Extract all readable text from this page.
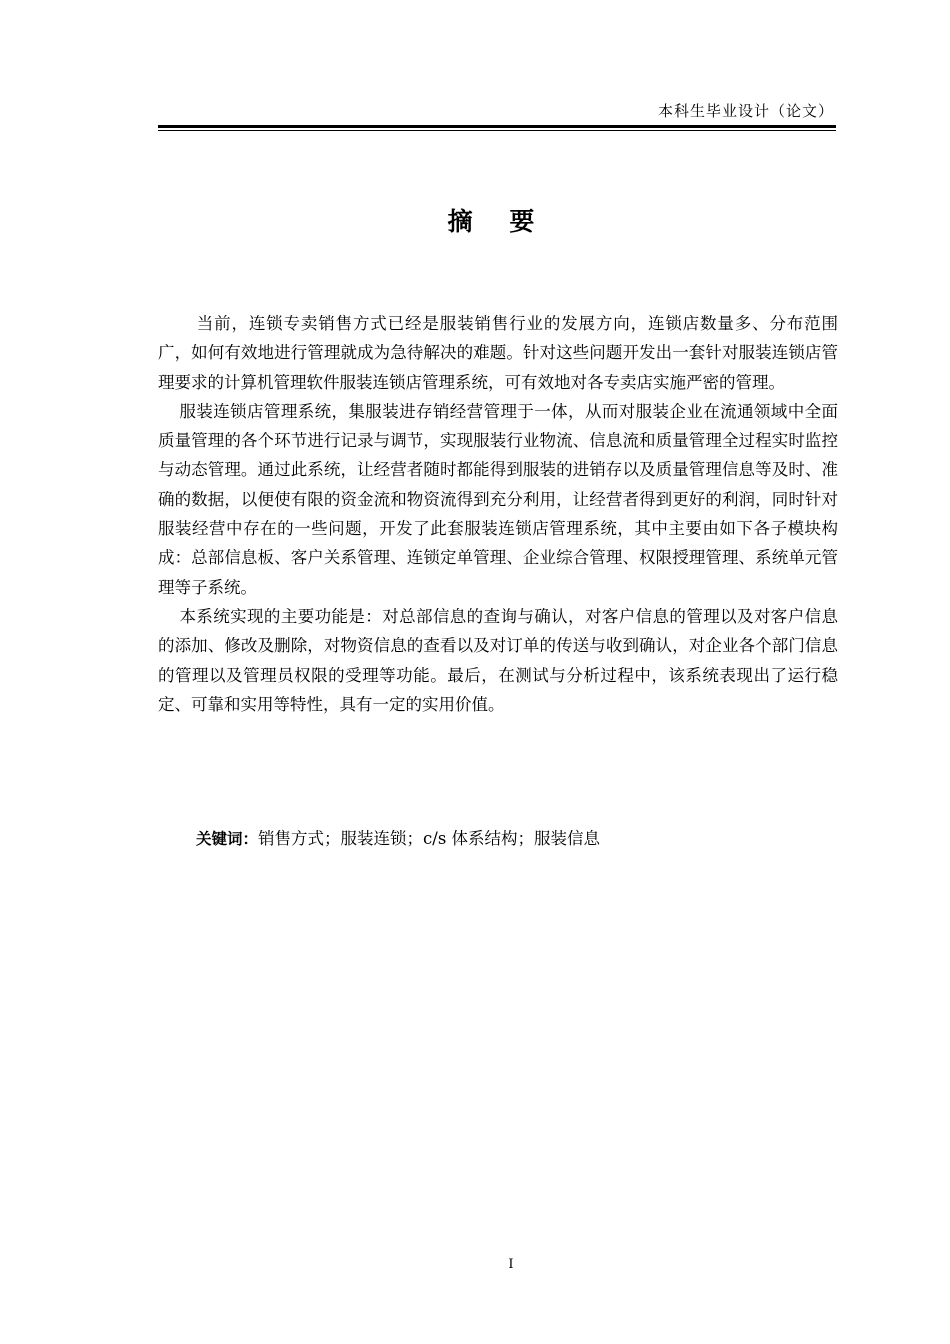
本科生毕业设计（论文）
摘 要

当前，连锁专卖销售方式已经是服装销售行业的发展方向，连锁店数量多、分布范围广，如何有效地进行管理就成为急待解决的难题。针对这些问题开发出一套针对服装连锁店管理要求的计算机管理软件服装连锁店管理系统，可有效地对各专卖店实施严密的管理。

服装连锁店管理系统，集服装进存销经营管理于一体，从而对服装企业在流通领域中全面质量管理的各个环节进行记录与调节，实现服装行业物流、信息流和质量管理全过程实时监控与动态管理。通过此系统，让经营者随时都能得到服装的进销存以及质量管理信息等及时、准确的数据，以便使有限的资金流和物资流得到充分利用，让经营者得到更好的利润，同时针对服装经营中存在的一些问题，开发了此套服装连锁店管理系统，其中主要由如下各子模块构成：总部信息板、客户关系管理、连锁定单管理、企业综合管理、权限授理管理、系统单元管理等子系统。

本系统实现的主要功能是：对总部信息的查询与确认，对客户信息的管理以及对客户信息的添加、修改及删除，对物资信息的查看以及对订单的传送与收到确认，对企业各个部门信息的管理以及管理员权限的受理等功能。最后，在测试与分析过程中，该系统表现出了运行稳定、可靠和实用等特性，具有一定的实用价值。

关键词：销售方式；服装连锁；c/s 体系结构；服装信息
I
